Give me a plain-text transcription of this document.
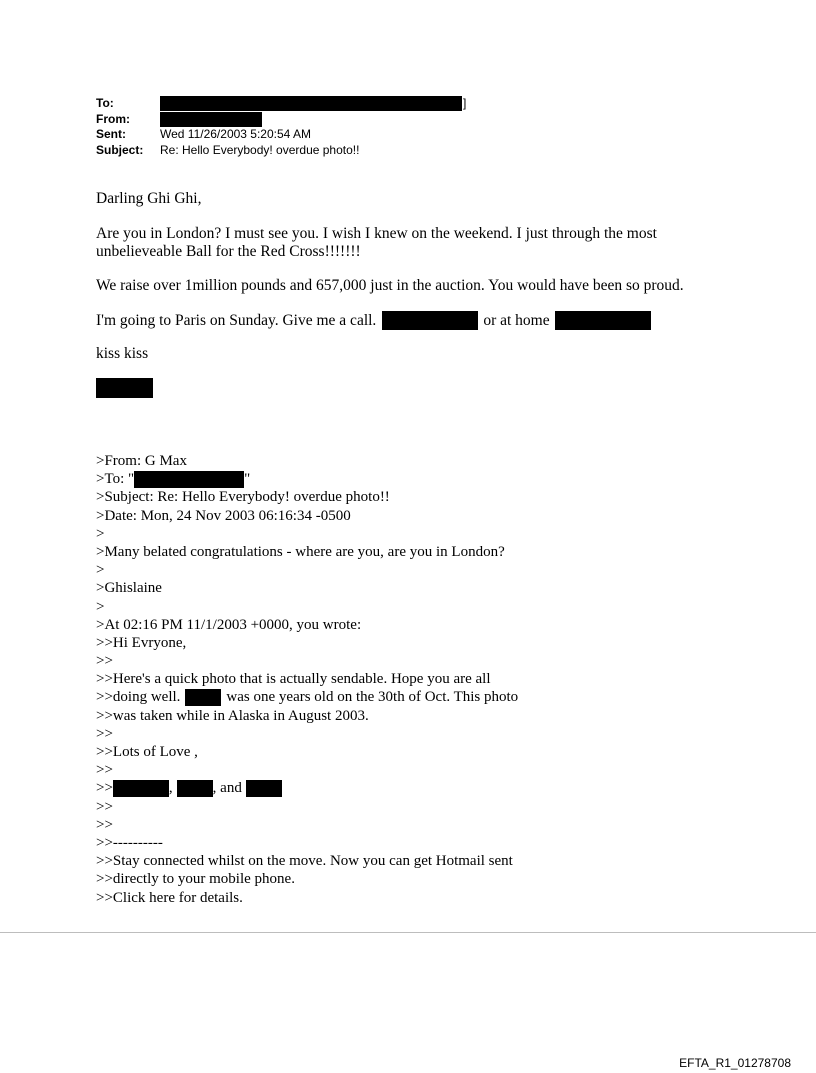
To:	]
From:
Sent:	Wed 11/26/2003 5:20:54 AM
Subject:	Re: Hello Everybody! overdue photo!!

Darling Ghi Ghi,

Are you in London? I must see you. I wish I knew on the weekend. I just through the most unbelieveable Ball for the Red Cross!!!!!!!

We raise over 1million pounds and 657,000 just in the auction. You would have been so proud.

I'm going to Paris on Sunday. Give me a call.	or at home

kiss kiss

>From: G Max
>To: "	"
>Subject: Re: Hello Everybody! overdue photo!!
>Date: Mon, 24 Nov 2003 06:16:34 -0500
>
>Many belated congratulations - where are you, are you in London?
>
>Ghislaine
>
>At 02:16 PM 11/1/2003 +0000, you wrote:
>>Hi Evryone,
>>
>>Here's a quick photo that is actually sendable. Hope you are all
>>doing well.	was one years old on the 30th of Oct. This photo
>>was taken while in Alaska in August 2003.
>>
>>Lots of Love ,
>>
>>	,	, and
>>
>>
>>----------
>>Stay connected whilst on the move. Now you can get Hotmail sent
>>directly to your mobile phone.
>>Click here for details.
EFTA_R1_01278708
